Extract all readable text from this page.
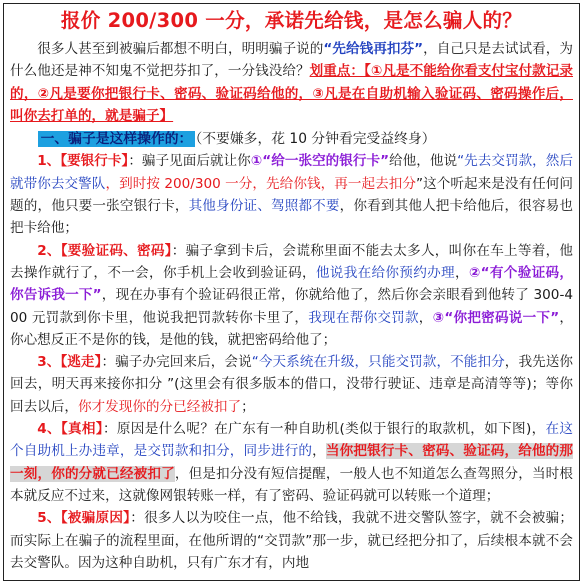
报价 200/300 一分，承诺先给钱，是怎么骗人的？
很多人甚至到被骗后都想不明白，明明骗子说的“先给钱再扣芬”，自己只是去试试看，为什么他还是神不知鬼不觉把芬扣了，一分钱没给？划重点：【①凡是不能给你看支付宝付款记录的，②凡是要你把银行卡、密码、验证码给他的，③凡是在自助机输入验证码、密码操作后，叫你去打单的，就是骗子】
一、骗子是这样操作的： （不要嫌多，花 10 分钟看完受益终身）
1、【要银行卡】：骗子见面后就让你①“给一张空的银行卡”给他，他说“先去交罚款，然后就带你去交警队，到时按 200/300 一分，先给你钱，再一起去扣分”这个听起来是没有任何问题的，他只要一张空银行卡，其他身份证、驾照都不要，你看到其他人把卡给他后，很容易也把卡给他；
2、【要验证码、密码】：骗子拿到卡后，会谎称里面不能去太多人，叫你在车上等着，他去操作就行了，不一会，你手机上会收到验证码，他说我在给你预约办理，②“有个验证码，你告诉我一下”，现在办事有个验证码很正常，你就给他了，然后你会亲眼看到他转了 300-400 元罚款到你卡里，他说我把罚款转你卡里了，我现在帮你交罚款，③“你把密码说一下”，你心想反正不是你的钱，是他的钱，就把密码给他了；
3、【逃走】：骗子办完回来后，会说“今天系统在升级，只能交罚款，不能扣分，我先送你回去，明天再来接你扣分 ”(这里会有很多版本的借口，没带行驶证、违章是高清等等)；等你回去以后，你才发现你的分已经被扣了；
4、【真相】：原因是什么呢？在广东有一种自助机(类似于银行的取款机，如下图)，在这个自助机上办违章，是交罚款和扣分，同步进行的，当你把银行卡、密码、验证码，给他的那一刻，你的分就已经被扣了，但是扣分没有短信提醒，一般人也不知道怎么查驾照分，当时根本就反应不过来，这就像网银转账一样，有了密码、验证码就可以转账一个道理；
5、【被骗原因】：很多人以为咬住一点，他不给钱，我就不进交警队签字，就不会被骗；而实际上在骗子的流程里面，在他所谓的“交罚款”那一步，就已经把分扣了，后续根本就不会去交警队。因为这种自助机，只有广东才有，内地
